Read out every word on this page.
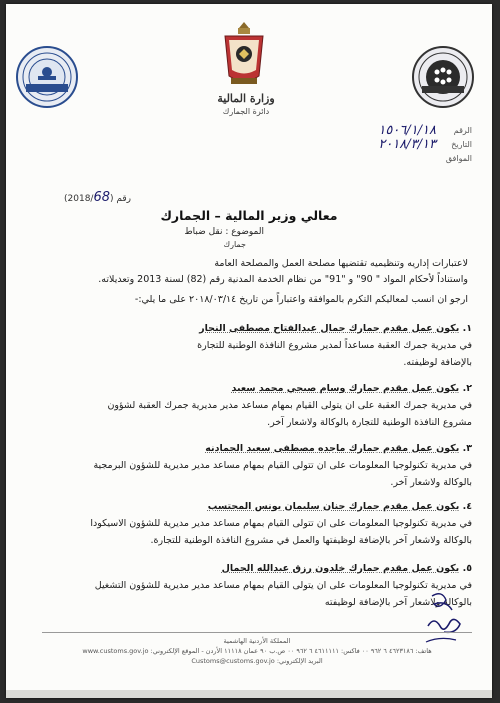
وزارة المالية
دائرة الجمارك
الرقم
١٥٠٦/١/١٨
التاريخ
٢٠١٨/٣/١٣
الموافق
(2018/68) رقم
معالي وزير المالية – الجمارك
الموضوع : نقل ضباط
جمارك
لاعتبارات إداريه وتنظيميه تقتضيها مصلحة العمل والمصلحة العامة
واستناداً لأحكام المواد " 90" و "91" من نظام الخدمة المدنية رقم (82) لسنة 2013 وتعديلاته.
ارجو ان انسب لمعاليكم التكرم بالموافقة واعتباراً من تاريخ ٢٠١٨/٠٣/١٤ على ما يلي:-
١. يكون عمل مقدم جمارك جمال عبدالفتاح مصطفى النجار
في مديرية جمرك العقبة مساعداً لمدير مشروع النافذة الوطنية للتجارة
بالإضافة لوظيفته.
٢. يكون عمل مقدم جمارك وسام صبحي محمد سعيد
في مديرية جمرك العقبة على ان يتولى القيام بمهام مساعد مدير مديرية جمرك العقبة لشؤون
مشروع النافذة الوطنية للتجارة بالوكالة ولاشعار آخر.
٣. يكون عمل مقدم جمارك ماجده مصطفى سعيد الحمادنه
في مديرية تكنولوجيا المعلومات على ان تتولى القيام بمهام مساعد مدير مديرية للشؤون البرمجية
بالوكالة ولاشعار آخر.
٤. يكون عمل مقدم جمارك حنان سليمان يونس المحتسب
في مديرية تكنولوجيا المعلومات على ان تتولى القيام بمهام مساعد مدير مديرية للشؤون الاسيكودا
بالوكالة ولاشعار آخر بالإضافة لوظيفتها والعمل في مشروع النافذة الوطنية للتجارة.
٥. يكون عمل مقدم جمارك خلدون رزق عبدالله الجمال
في مديرية تكنولوجيا المعلومات على ان يتولى القيام بمهام مساعد مدير مديرية للشؤون التشغيل
بالوكالة ولاشعار آخر بالإضافة لوظيفته
المملكة الأردنية الهاشمية
هاتف: ٤٦٢٣١٨٦ ٦ ٩٦٢ ٠٠ فاكس: ٤٦١١١١١ ٦ ٩٦٢ ٠٠ ص.ب ٩٠ عمان ١١١١٨ الأردن - الموقع الإلكتروني: www.customs.gov.jo
البريد الإلكتروني: Customs@customs.gov.jo
